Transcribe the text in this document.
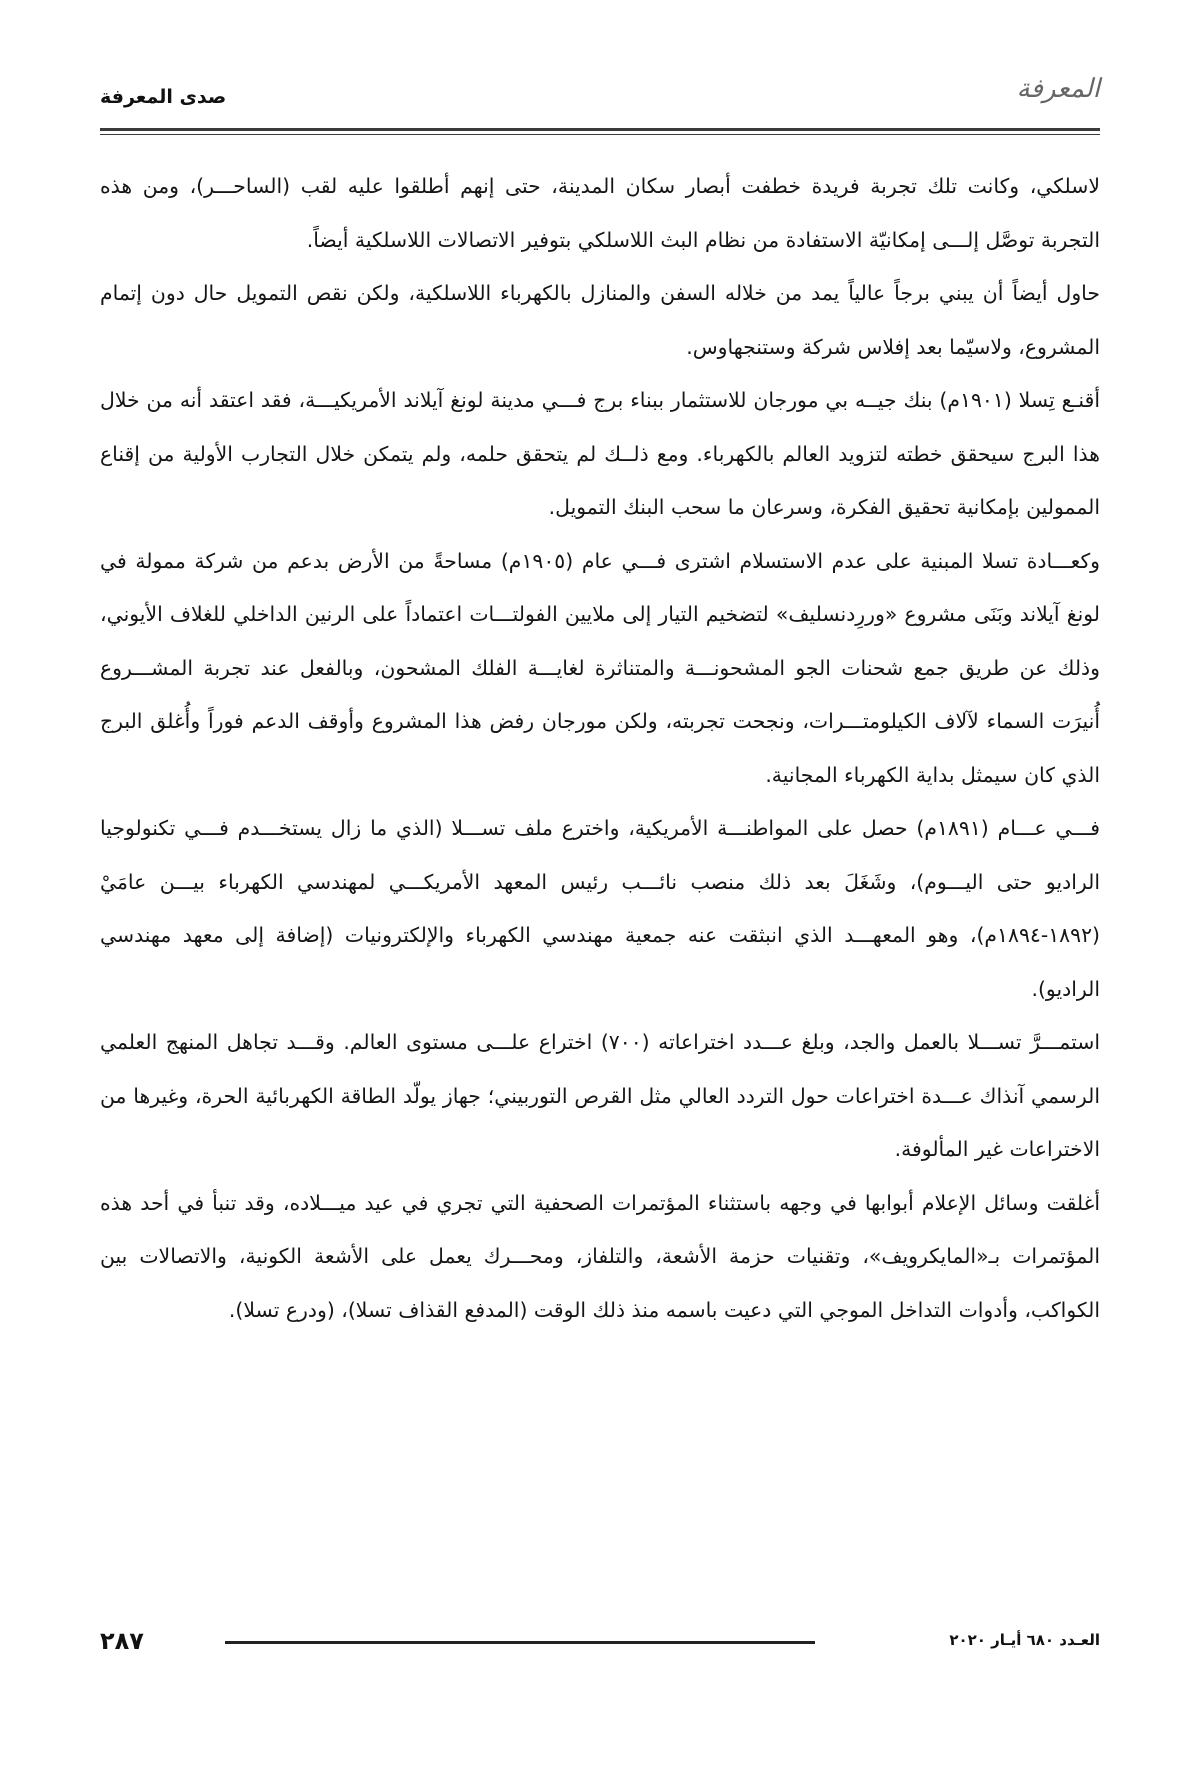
المعرفة
صدى المعرفة

لاسلكي، وكانت تلك تجربة فريدة خطفت أبصار سكان المدينة، حتى إنهم أطلقوا عليه لقب (الساحـــر)، ومن هذه التجربة توصَّل إلـــى إمكانيّة الاستفادة من نظام البث اللاسلكي بتوفير الاتصالات اللاسلكية أيضاً.

حاول أيضاً أن يبني برجاً عالياً يمد من خلاله السفن والمنازل بالكهرباء اللاسلكية، ولكن نقص التمويل حال دون إتمام المشروع، ولاسيّما بعد إفلاس شركة وستنجهاوس.

أقنـع تِسلا (١٩٠١م) بنك جيــه بي مورجان للاستثمار ببناء برج فـــي مدينة لونغ آيلاند الأمريكيـــة، فقد اعتقد أنه من خلال هذا البرج سيحقق خطته لتزويد العالم بالكهرباء. ومع ذلــك لم يتحقق حلمه، ولم يتمكن خلال التجارب الأولية من إقناع الممولين بإمكانية تحقيق الفكرة، وسرعان ما سحب البنك التمويل.

وكعـــادة تسلا المبنية على عدم الاستسلام اشترى فـــي عام (١٩٠٥م) مساحةً من الأرض بدعم من شركة ممولة في لونغ آيلاند وبَنَى مشروع «وررِدنسليف» لتضخيم التيار إلى ملايين الفولتـــات اعتماداً على الرنين الداخلي للغلاف الأيوني، وذلك عن طريق جمع شحنات الجو المشحونـــة والمتناثرة لغايـــة الفلك المشحون، وبالفعل عند تجربة المشـــروع أُنيرَت السماء لآلاف الكيلومتـــرات، ونجحت تجربته، ولكن مورجان رفض هذا المشروع وأوقف الدعم فوراً وأُغلق البرج الذي كان سيمثل بداية الكهرباء المجانية.

فـــي عـــام (١٨٩١م) حصل على المواطنـــة الأمريكية، واخترع ملف تســـلا (الذي ما زال يستخـــدم فـــي تكنولوجيا الراديو حتى اليـــوم)، وشَغَلَ بعد ذلك منصب نائـــب رئيس المعهد الأمريكـــي لمهندسي الكهرباء بيـــن عامَيْ (١٨٩٢-١٨٩٤م)، وهو المعهـــد الذي انبثقت عنه جمعية مهندسي الكهرباء والإلكترونيات (إضافة إلى معهد مهندسي الراديو).

استمـــرَّ تســـلا بالعمل والجد، وبلغ عـــدد اختراعاته (٧٠٠) اختراع علـــى مستوى العالم. وقـــد تجاهل المنهج العلمي الرسمي آنذاك عـــدة اختراعات حول التردد العالي مثل القرص التوربيني؛ جهاز يولّد الطاقة الكهربائية الحرة، وغيرها من الاختراعات غير المألوفة.

أغلقت وسائل الإعلام أبوابها في وجهه باستثناء المؤتمرات الصحفية التي تجري في عيد ميـــلاده، وقد تنبأ في أحد هذه المؤتمرات بـ«المايكرويف»، وتقنيات حزمة الأشعة، والتلفاز، ومحـــرك يعمل على الأشعة الكونية، والاتصالات بين الكواكب، وأدوات التداخل الموجي التي دعيت باسمه منذ ذلك الوقت (المدفع القذاف تسلا)، (ودرع تسلا).

٢٨٧	العـدد ٦٨٠ أيـار ٢٠٢٠
